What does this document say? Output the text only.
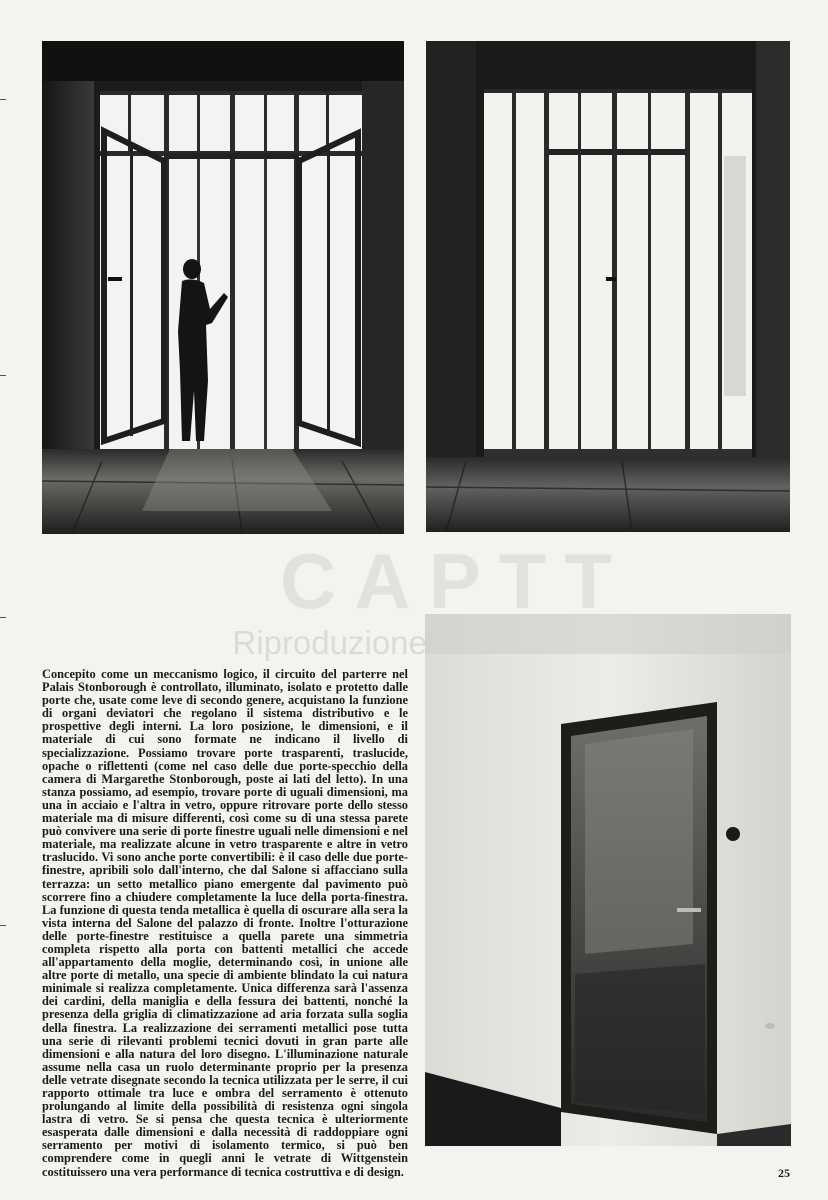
CAPTT
Riproduzione riservata (R)

Concepito come un meccanismo logico, il circuito del parterre nel Palais Stonborough è controllato, illuminato, isolato e protetto dalle porte che, usate come leve di secondo genere, acquistano la funzione di organi deviatori che regolano il sistema distributivo e le prospettive degli interni. La loro posizione, le dimensioni, e il materiale di cui sono formate ne indicano il livello di specializzazione. Possiamo trovare porte trasparenti, traslucide, opache o riflettenti (come nel caso delle due porte-specchio della camera di Margarethe Stonborough, poste ai lati del letto). In una stanza possiamo, ad esempio, trovare porte di uguali dimensioni, ma una in acciaio e l'altra in vetro, oppure ritrovare porte dello stesso materiale ma di misure differenti, così come su di una stessa parete può convivere una serie di porte finestre uguali nelle dimensioni e nel materiale, ma realizzate alcune in vetro trasparente e altre in vetro traslucido. Vi sono anche porte convertibili: è il caso delle due porte-finestre, apribili solo dall'interno, che dal Salone si affacciano sulla terrazza: un setto metallico piano emergente dal pavimento può scorrere fino a chiudere completamente la luce della porta-finestra. La funzione di questa tenda metallica è quella di oscurare alla sera la vista interna del Salone del palazzo di fronte. Inoltre l'otturazione delle porte-finestre restituisce a quella parete una simmetria completa rispetto alla porta con battenti metallici che accede all'appartamento della moglie, determinando così, in unione alle altre porte di metallo, una specie di ambiente blindato la cui natura minimale si realizza completamente. Unica differenza sarà l'assenza dei cardini, della maniglia e della fessura dei battenti, nonché la presenza della griglia di climatizzazione ad aria forzata sulla soglia della finestra. La realizzazione dei serramenti metallici pose tutta una serie di rilevanti problemi tecnici dovuti in gran parte alle dimensioni e alla natura del loro disegno. L'illuminazione naturale assume nella casa un ruolo determinante proprio per la presenza delle vetrate disegnate secondo la tecnica utilizzata per le serre, il cui rapporto ottimale tra luce e ombra del serramento è ottenuto prolungando al limite della possibilità di resistenza ogni singola lastra di vetro. Se si pensa che questa tecnica è ulteriormente esasperata dalle dimensioni e dalla necessità di raddoppiare ogni serramento per motivi di isolamento termico, si può ben comprendere come in quegli anni le vetrate di Wittgenstein costituissero una vera performance di tecnica costruttiva e di design.	25
